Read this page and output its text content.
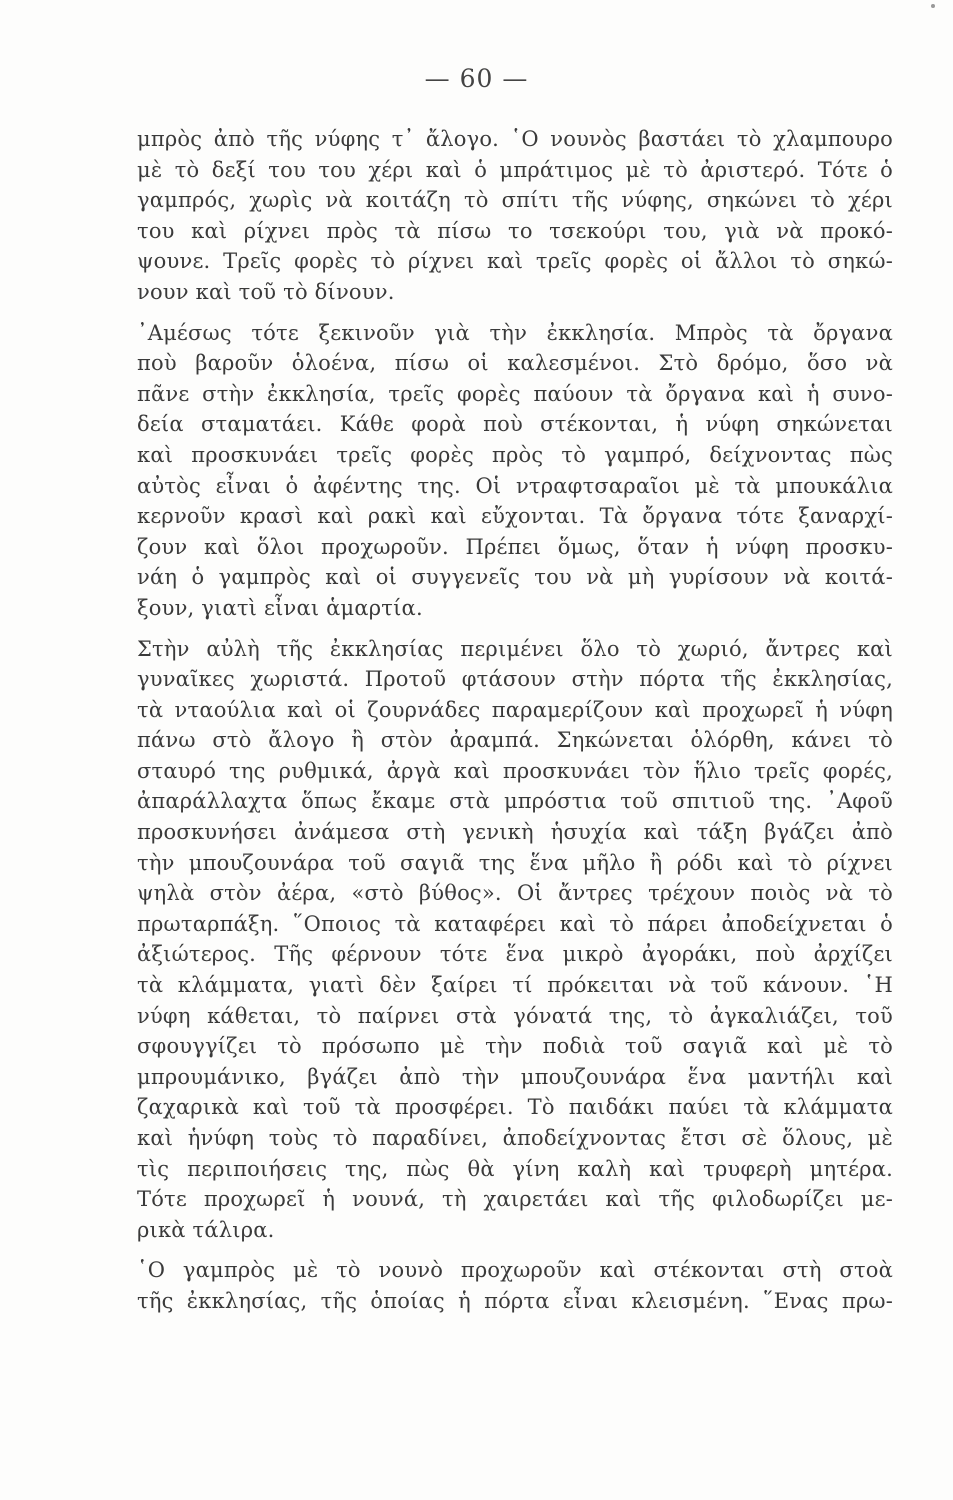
— 60 —
μπρὸς ἀπὸ τῆς νύφης τ᾽ ἄλογο. ῾Ο νουνὸς βαστάει τὸ χλαμπουρο
μὲ τὸ δεξί του του χέρι καὶ ὁ μπράτιμος μὲ τὸ ἀριστερό. Τότε ὁ
γαμπρός, χωρὶς νὰ κοιτάζη τὸ σπίτι τῆς νύφης, σηκώνει τὸ χέρι
του καὶ ρίχνει πρὸς τὰ πίσω το τσεκούρι του, γιὰ νὰ προκό-
ψουνε. Τρεῖς φορὲς τὸ ρίχνει καὶ τρεῖς φορὲς οἱ ἄλλοι τὸ σηκώ-
νουν καὶ τοῦ τὸ δίνουν.
᾽Αμέσως τότε ξεκινοῦν γιὰ τὴν ἐκκλησία. Μπρὸς τὰ ὄργανα
ποὺ βαροῦν ὁλοένα, πίσω οἱ καλεσμένοι. Στὸ δρόμο, ὅσο νὰ
πᾶνε στὴν ἐκκλησία, τρεῖς φορὲς παύουν τὰ ὄργανα καὶ ἡ συνο-
δεία σταματάει. Κάθε φορὰ ποὺ στέκονται, ἡ νύφη σηκώνεται
καὶ προσκυνάει τρεῖς φορὲς πρὸς τὸ γαμπρό, δείχνοντας πὼς
αὐτὸς εἶναι ὁ ἀφέντης της. Οἱ ντραφτσαραῖοι μὲ τὰ μπουκάλια
κερνοῦν κρασὶ καὶ ρακὶ καὶ εὔχονται. Τὰ ὄργανα τότε ξαναρχί-
ζουν καὶ ὅλοι προχωροῦν. Πρέπει ὅμως, ὅταν ἡ νύφη προσκυ-
νάη ὁ γαμπρὸς καὶ οἱ συγγενεῖς του νὰ μὴ γυρίσουν νὰ κοιτά-
ξουν, γιατὶ εἶναι ἁμαρτία.
Στὴν αὐλὴ τῆς ἐκκλησίας περιμένει ὅλο τὸ χωριό, ἄντρες καὶ
γυναῖκες χωριστά. Προτοῦ φτάσουν στὴν πόρτα τῆς ἐκκλησίας,
τὰ νταούλια καὶ οἱ ζουρνάδες παραμερίζουν καὶ προχωρεῖ ἡ νύφη
πάνω στὸ ἄλογο ἢ στὸν ἀραμπά. Σηκώνεται ὁλόρθη, κάνει τὸ
σταυρό της ρυθμικά, ἀργὰ καὶ προσκυνάει τὸν ἥλιο τρεῖς φορές,
ἀπαράλλαχτα ὅπως ἔκαμε στὰ μπρόστια τοῦ σπιτιοῦ της. ᾽Αφοῦ
προσκυνήσει ἀνάμεσα στὴ γενικὴ ἡσυχία καὶ τάξη βγάζει ἀπὸ
τὴν μπουζουνάρα τοῦ σαγιᾶ της ἕνα μῆλο ἢ ρόδι καὶ τὸ ρίχνει
ψηλὰ στὸν ἀέρα, «στὸ βύθος». Οἱ ἄντρες τρέχουν ποιὸς νὰ τὸ
πρωταρπάξη. ῞Οποιος τὰ καταφέρει καὶ τὸ πάρει ἀποδείχνεται ὁ
ἀξιώτερος. Τῆς φέρνουν τότε ἕνα μικρὸ ἀγοράκι, ποὺ ἀρχίζει
τὰ κλάμματα, γιατὶ δὲν ξαίρει τί πρόκειται νὰ τοῦ κάνουν. ῾Η
νύφη κάθεται, τὸ παίρνει στὰ γόνατά της, τὸ ἀγκαλιάζει, τοῦ
σφουγγίζει τὸ πρόσωπο μὲ τὴν ποδιὰ τοῦ σαγιᾶ καὶ μὲ τὸ
μπρουμάνικο, βγάζει ἀπὸ τὴν μπουζουνάρα ἕνα μαντήλι καὶ
ζαχαρικὰ καὶ τοῦ τὰ προσφέρει. Τὸ παιδάκι παύει τὰ κλάμματα
καὶ ἡνύφη τοὺς τὸ παραδίνει, ἀποδείχνοντας ἔτσι σὲ ὅλους, μὲ
τὶς περιποιήσεις της, πὼς θὰ γίνη καλὴ καὶ τρυφερὴ μητέρα.
Τότε προχωρεῖ ἡ νουνά, τὴ χαιρετάει καὶ τῆς φιλοδωρίζει με-
ρικὰ τάλιρα.
῾Ο γαμπρὸς μὲ τὸ νουνὸ προχωροῦν καὶ στέκονται στὴ στοὰ
τῆς ἐκκλησίας, τῆς ὁποίας ἡ πόρτα εἶναι κλεισμένη. ῞Ενας πρω-
